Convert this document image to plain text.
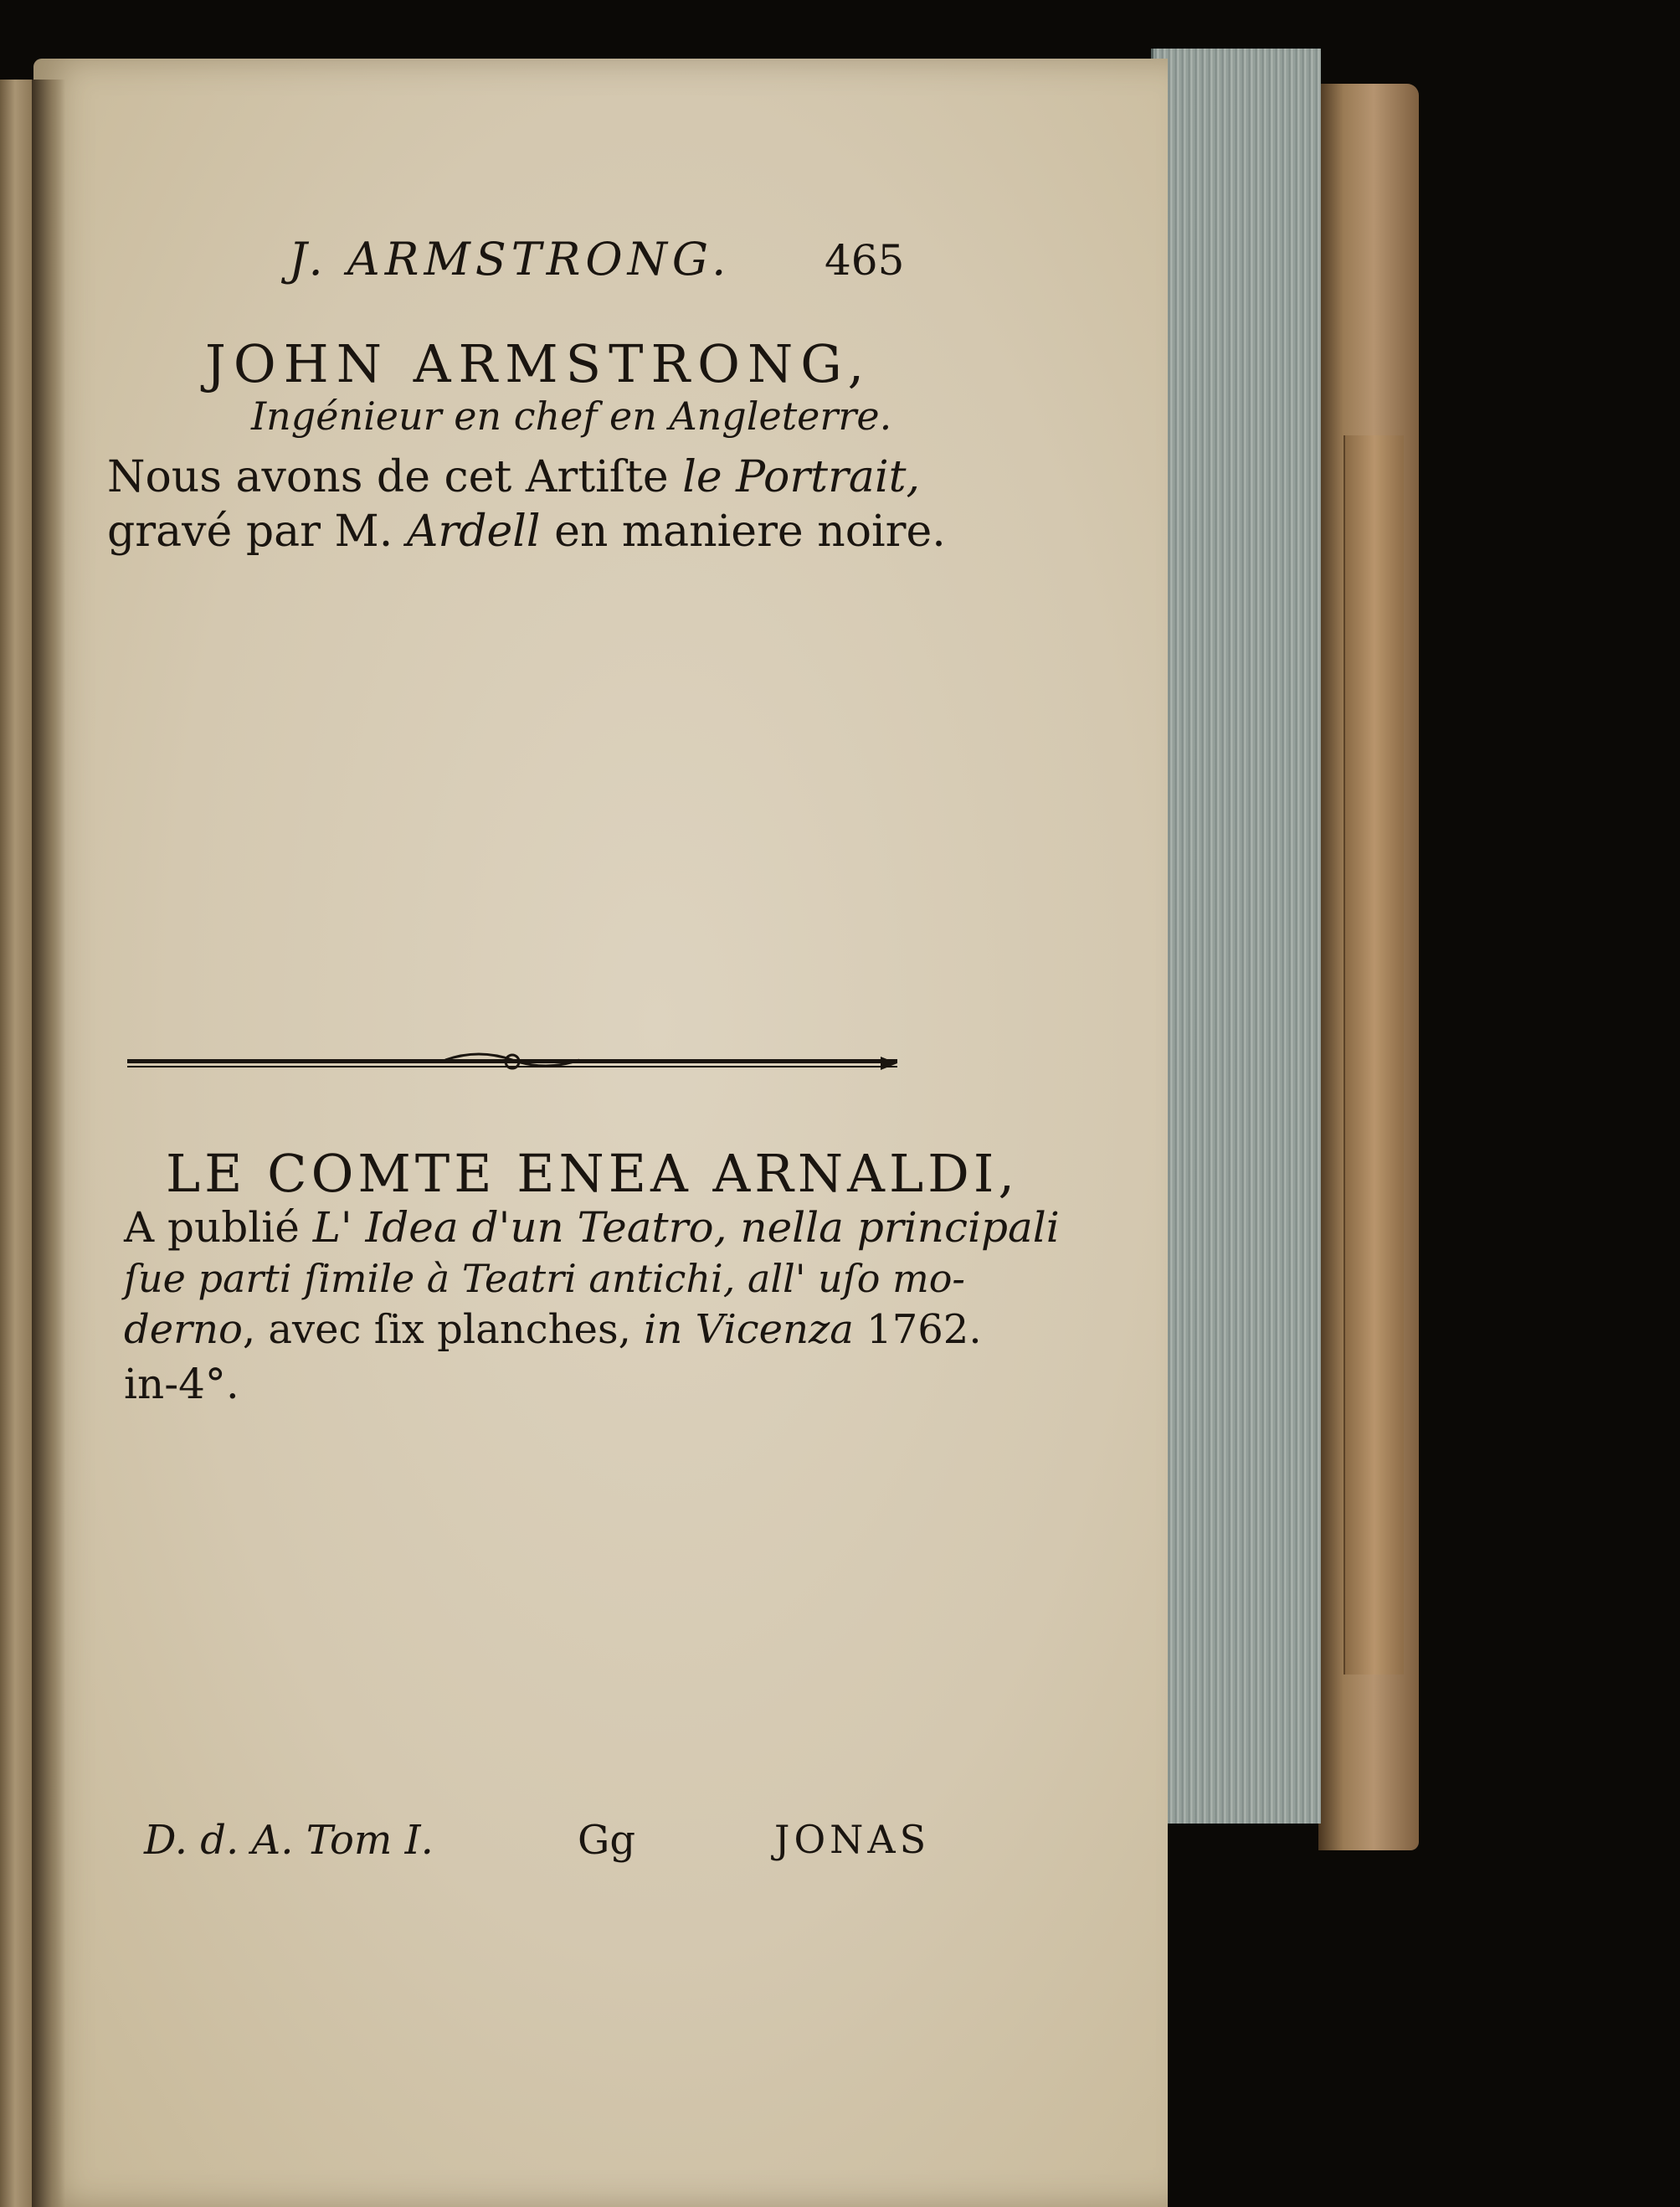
J. ARMSTRONG. 465
JOHN ARMSTRONG,
Ingénieur en chef en Angleterre.
Nous avons de cet Artiſte le Portrait,
gravé par M. Ardell en maniere noire.
LE COMTE ENEA ARNALDI,
A publié L' Idea d'un Teatro, nella principali
ſue parti ſimile à Teatri antichi, all' uſo mo-
derno, avec ſix planches, in Vicenza 1762.
in-4°.
D. d. A. Tom I.	Gg	JONAS
